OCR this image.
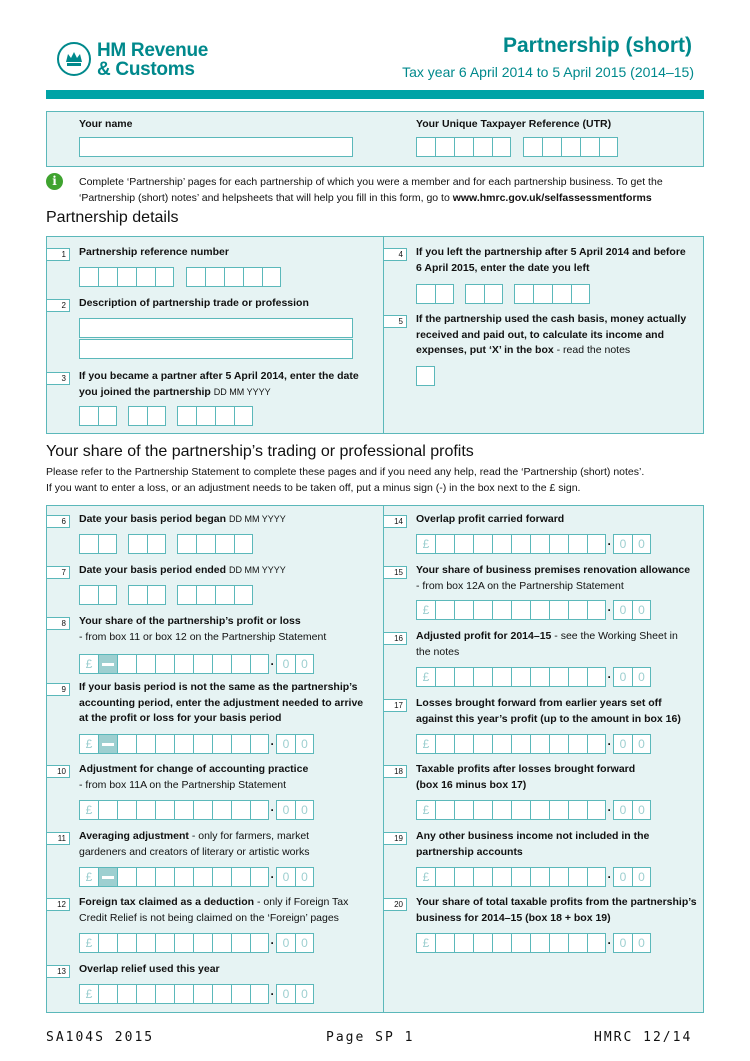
HM Revenue
& Customs
Partnership (short)
Tax year 6 April 2014 to 5 April 2015 (2014–15)
Your name	Your Unique Taxpayer Reference (UTR)
i	Complete ‘Partnership’ pages for each partnership of which you were a member and for each partnership business. To get the ‘Partnership (short) notes’ and helpsheets that will help you fill in this form, go to www.hmrc.gov.uk/selfassessmentforms
Partnership details
1	Partnership reference number
2	Description of partnership trade or profession
3	If you became a partner after 5 April 2014, enter the date you joined the partnership DD MM YYYY
4	If you left the partnership after 5 April 2014 and before 6 April 2015, enter the date you left
5	If the partnership used the cash basis, money actually received and paid out, to calculate its income and expenses, put ‘X’ in the box - read the notes
Your share of the partnership’s trading or professional profits
Please refer to the Partnership Statement to complete these pages and if you need any help, read the ‘Partnership (short) notes’.
If you want to enter a loss, or an adjustment needs to be taken off, put a minus sign (-) in the box next to the £ sign.
6	Date your basis period began DD MM YYYY
7	Date your basis period ended DD MM YYYY
8	Your share of the partnership’s profit or loss
- from box 11 or box 12 on the Partnership Statement
£	· 0 0
9	If your basis period is not the same as the partnership’s accounting period, enter the adjustment needed to arrive at the profit or loss for your basis period
£	· 0 0
10	Adjustment for change of accounting practice
- from box 11A on the Partnership Statement
£	· 0 0
11	Averaging adjustment - only for farmers, market gardeners and creators of literary or artistic works
£	· 0 0
12	Foreign tax claimed as a deduction - only if Foreign Tax Credit Relief is not being claimed on the ‘Foreign’ pages
£	· 0 0
13	Overlap relief used this year
£	· 0 0
14	Overlap profit carried forward
£	· 0 0
15	Your share of business premises renovation allowance
- from box 12A on the Partnership Statement
£	· 0 0
16	Adjusted profit for 2014–15 - see the Working Sheet in the notes
£	· 0 0
17	Losses brought forward from earlier years set off against this year’s profit (up to the amount in box 16)
£	· 0 0
18	Taxable profits after losses brought forward (box 16 minus box 17)
£	· 0 0
19	Any other business income not included in the partnership accounts
£	· 0 0
20	Your share of total taxable profits from the partnership’s business for 2014–15 (box 18 + box 19)
£	· 0 0
SA104S 2015	Page SP 1	HMRC 12/14
